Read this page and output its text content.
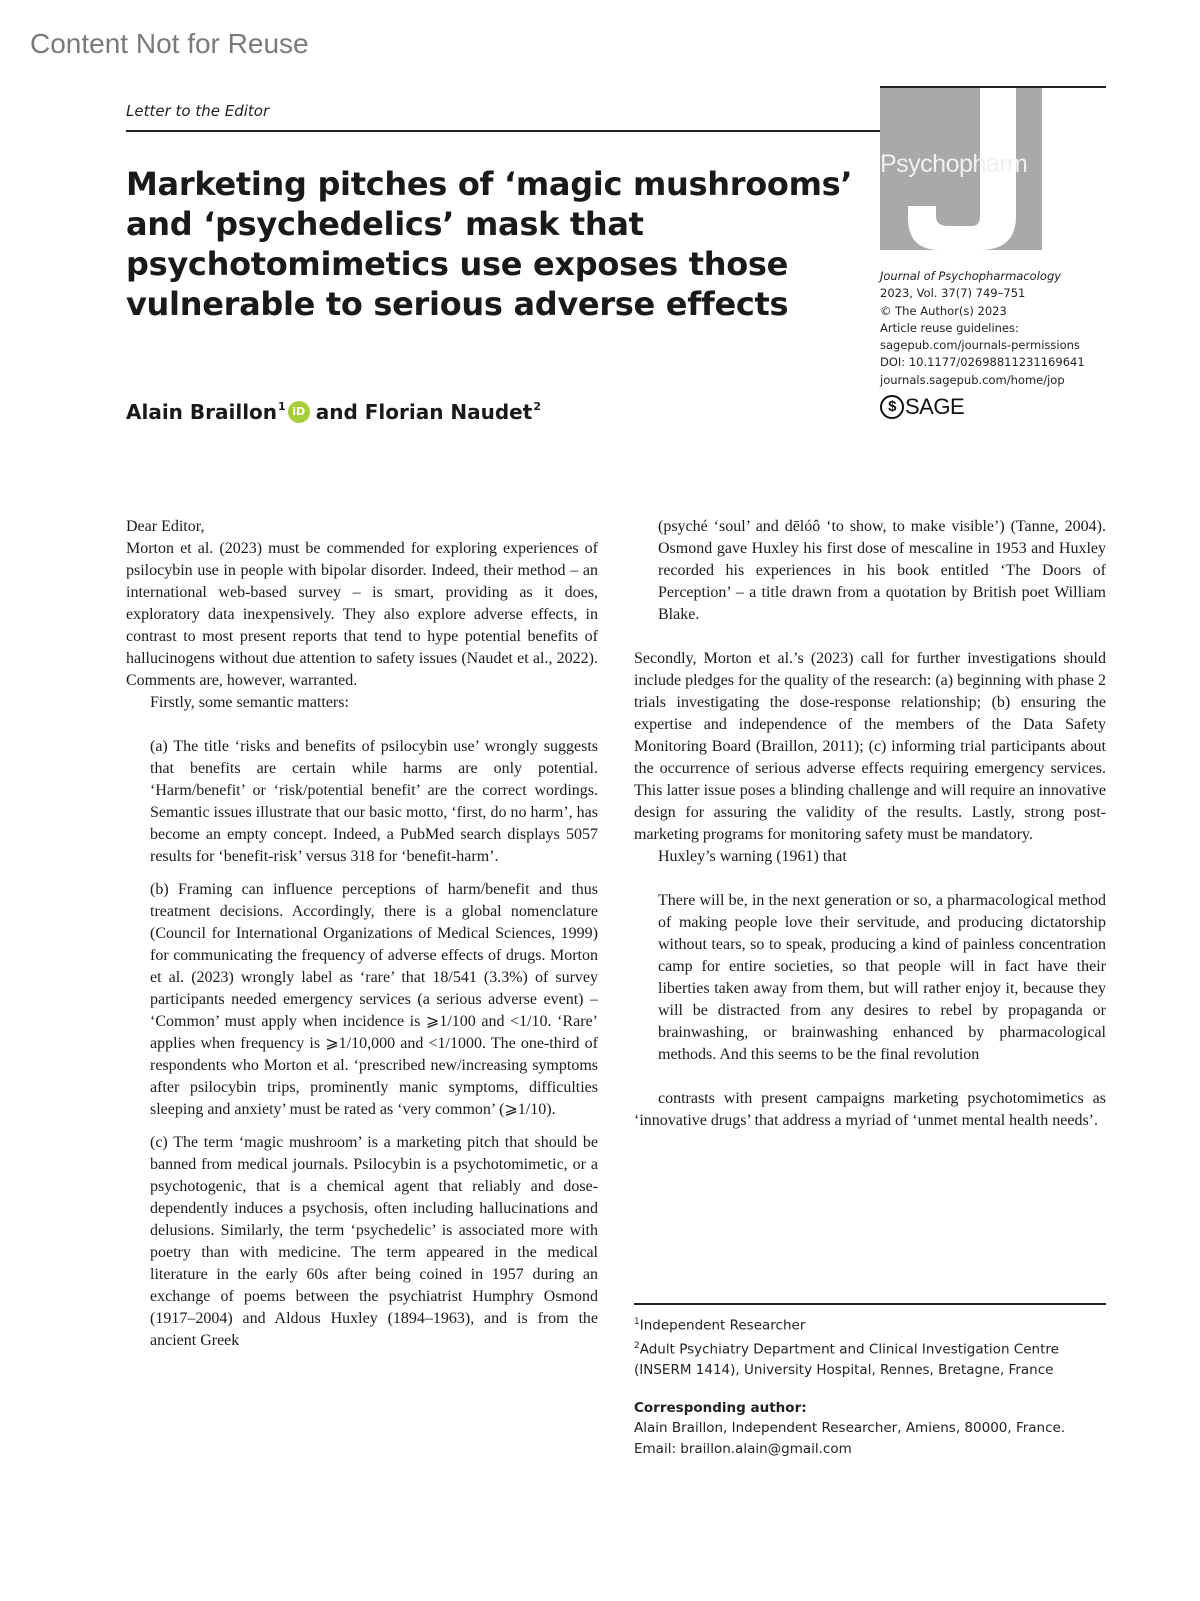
Content Not for Reuse
Letter to the Editor
Psychopharm
Journal of Psychopharmacology
2023, Vol. 37(7) 749–751
© The Author(s) 2023
Article reuse guidelines:
sagepub.com/journals-permissions
DOI: 10.1177/02698811231169641
journals.sagepub.com/home/jop
$ SAGE
Marketing pitches of ‘magic mushrooms’ and ‘psychedelics’ mask that psychotomimetics use exposes those vulnerable to serious adverse effects
Alain Braillon$^1$ iD and Florian Naudet$^2$

Dear Editor,

Morton et al. (2023) must be commended for exploring experiences of psilocybin use in people with bipolar disorder. Indeed, their method – an international web-based survey – is smart, providing as it does, exploratory data inexpensively. They also explore adverse effects, in contrast to most present reports that tend to hype potential benefits of hallucinogens without due attention to safety issues (Naudet et al., 2022). Comments are, however, warranted.

Firstly, some semantic matters:

(a) The title ‘risks and benefits of psilocybin use’ wrongly suggests that benefits are certain while harms are only potential. ‘Harm/benefit’ or ‘risk/potential benefit’ are the correct wordings. Semantic issues illustrate that our basic motto, ‘first, do no harm’, has become an empty concept. Indeed, a PubMed search displays 5057 results for ‘benefit-risk’ versus 318 for ‘benefit-harm’.

(b) Framing can influence perceptions of harm/benefit and thus treatment decisions. Accordingly, there is a global nomenclature (Council for International Organizations of Medical Sciences, 1999) for communicating the frequency of adverse effects of drugs. Morton et al. (2023) wrongly label as ‘rare’ that 18/541 (3.3%) of survey participants needed emergency services (a serious adverse event) – ‘Common’ must apply when incidence is ⩾1/100 and <1/10. ‘Rare’ applies when frequency is ⩾1/10,000 and <1/1000. The one-third of respondents who Morton et al. ‘prescribed new/increasing symptoms after psilocybin trips, prominently manic symptoms, difficulties sleeping and anxiety’ must be rated as ‘very common’ (⩾1/10).

(c) The term ‘magic mushroom’ is a marketing pitch that should be banned from medical journals. Psilocybin is a psychotomimetic, or a psychotogenic, that is a chemical agent that reliably and dose-dependently induces a psychosis, often including hallucinations and delusions. Similarly, the term ‘psychedelic’ is associated more with poetry than with medicine. The term appeared in the medical literature in the early 60s after being coined in 1957 during an exchange of poems between the psychiatrist Humphry Osmond (1917–2004) and Aldous Huxley (1894–1963), and is from the ancient Greek

(psyché ‘soul’ and dēlóô ‘to show, to make visible’) (Tanne, 2004). Osmond gave Huxley his first dose of mescaline in 1953 and Huxley recorded his experiences in his book entitled ‘The Doors of Perception’ – a title drawn from a quotation by British poet William Blake.

Secondly, Morton et al.’s (2023) call for further investigations should include pledges for the quality of the research: (a) beginning with phase 2 trials investigating the dose-response relationship; (b) ensuring the expertise and independence of the members of the Data Safety Monitoring Board (Braillon, 2011); (c) informing trial participants about the occurrence of serious adverse effects requiring emergency services. This latter issue poses a blinding challenge and will require an innovative design for assuring the validity of the results. Lastly, strong post-marketing programs for monitoring safety must be mandatory.

Huxley’s warning (1961) that

There will be, in the next generation or so, a pharmacological method of making people love their servitude, and producing dictatorship without tears, so to speak, producing a kind of painless concentration camp for entire societies, so that people will in fact have their liberties taken away from them, but will rather enjoy it, because they will be distracted from any desires to rebel by propaganda or brainwashing, or brainwashing enhanced by pharmacological methods. And this seems to be the final revolution

contrasts with present campaigns marketing psychotomimetics as ‘innovative drugs’ that address a myriad of ‘unmet mental health needs’.

$^1$Independent Researcher

$^2$Adult Psychiatry Department and Clinical Investigation Centre (INSERM 1414), University Hospital, Rennes, Bretagne, France

Corresponding author:

Alain Braillon, Independent Researcher, Amiens, 80000, France.

Email: braillon.alain@gmail.com
